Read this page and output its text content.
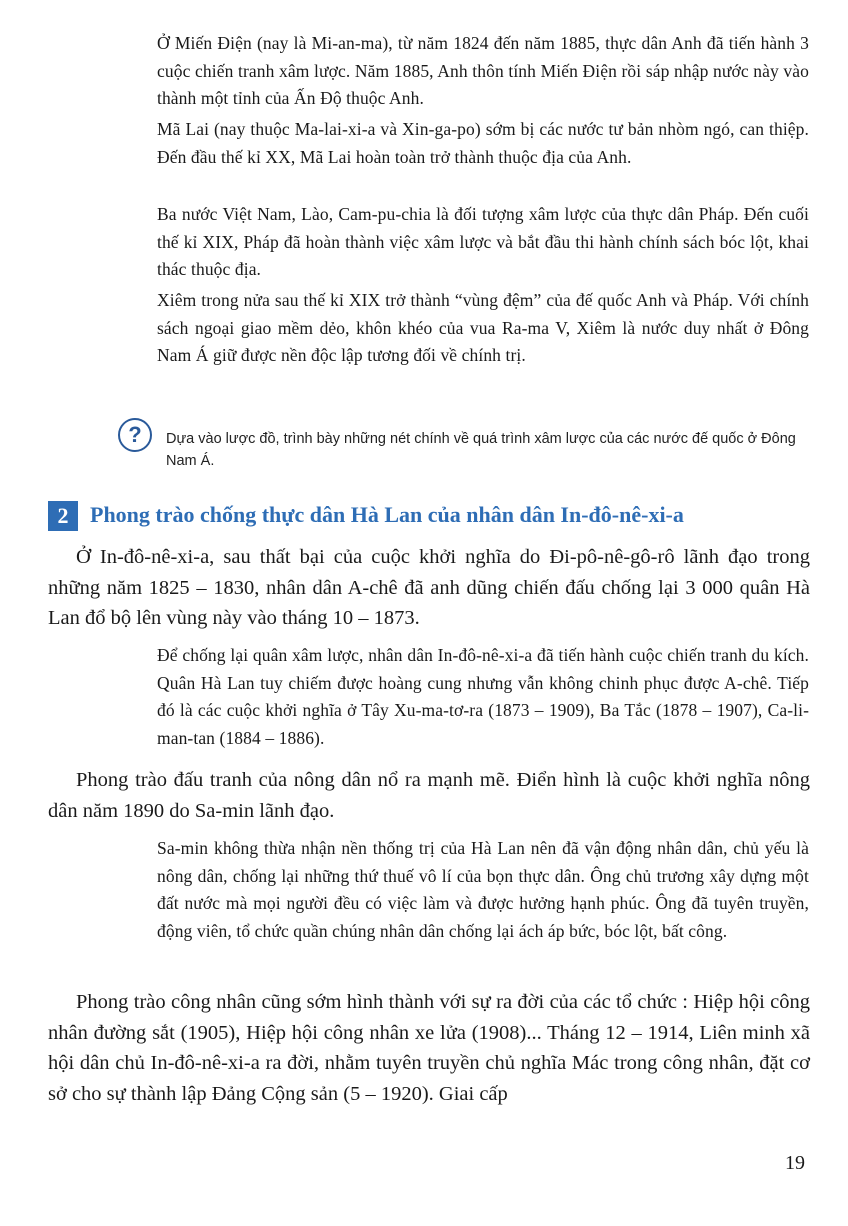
Ở Miến Điện (nay là Mi-an-ma), từ năm 1824 đến năm 1885, thực dân Anh đã tiến hành 3 cuộc chiến tranh xâm lược. Năm 1885, Anh thôn tính Miến Điện rồi sáp nhập nước này vào thành một tỉnh của Ấn Độ thuộc Anh.

Mã Lai (nay thuộc Ma-lai-xi-a và Xin-ga-po) sớm bị các nước tư bản nhòm ngó, can thiệp. Đến đầu thế kỉ XX, Mã Lai hoàn toàn trở thành thuộc địa của Anh.

Ba nước Việt Nam, Lào, Cam-pu-chia là đối tượng xâm lược của thực dân Pháp. Đến cuối thế kỉ XIX, Pháp đã hoàn thành việc xâm lược và bắt đầu thi hành chính sách bóc lột, khai thác thuộc địa.

Xiêm trong nửa sau thế kỉ XIX trở thành “vùng đệm” của đế quốc Anh và Pháp. Với chính sách ngoại giao mềm dẻo, khôn khéo của vua Ra-ma V, Xiêm là nước duy nhất ở Đông Nam Á giữ được nền độc lập tương đối về chính trị.

?	Dựa vào lược đồ, trình bày những nét chính về quá trình xâm lược của các nước đế quốc ở Đông Nam Á.

2 Phong trào chống thực dân Hà Lan của nhân dân In-đô-nê-xi-a

Ở In-đô-nê-xi-a, sau thất bại của cuộc khởi nghĩa do Đi-pô-nê-gô-rô lãnh đạo trong những năm 1825 – 1830, nhân dân A-chê đã anh dũng chiến đấu chống lại 3 000 quân Hà Lan đổ bộ lên vùng này vào tháng 10 – 1873.

Để chống lại quân xâm lược, nhân dân In-đô-nê-xi-a đã tiến hành cuộc chiến tranh du kích. Quân Hà Lan tuy chiếm được hoàng cung nhưng vẫn không chinh phục được A-chê. Tiếp đó là các cuộc khởi nghĩa ở Tây Xu-ma-tơ-ra (1873 – 1909), Ba Tắc (1878 – 1907), Ca-li-man-tan (1884 – 1886).

Phong trào đấu tranh của nông dân nổ ra mạnh mẽ. Điển hình là cuộc khởi nghĩa nông dân năm 1890 do Sa-min lãnh đạo.

Sa-min không thừa nhận nền thống trị của Hà Lan nên đã vận động nhân dân, chủ yếu là nông dân, chống lại những thứ thuế vô lí của bọn thực dân. Ông chủ trương xây dựng một đất nước mà mọi người đều có việc làm và được hưởng hạnh phúc. Ông đã tuyên truyền, động viên, tổ chức quần chúng nhân dân chống lại ách áp bức, bóc lột, bất công.

Phong trào công nhân cũng sớm hình thành với sự ra đời của các tổ chức : Hiệp hội công nhân đường sắt (1905), Hiệp hội công nhân xe lửa (1908)... Tháng 12 – 1914, Liên minh xã hội dân chủ In-đô-nê-xi-a ra đời, nhằm tuyên truyền chủ nghĩa Mác trong công nhân, đặt cơ sở cho sự thành lập Đảng Cộng sản (5 – 1920). Giai cấp

19
